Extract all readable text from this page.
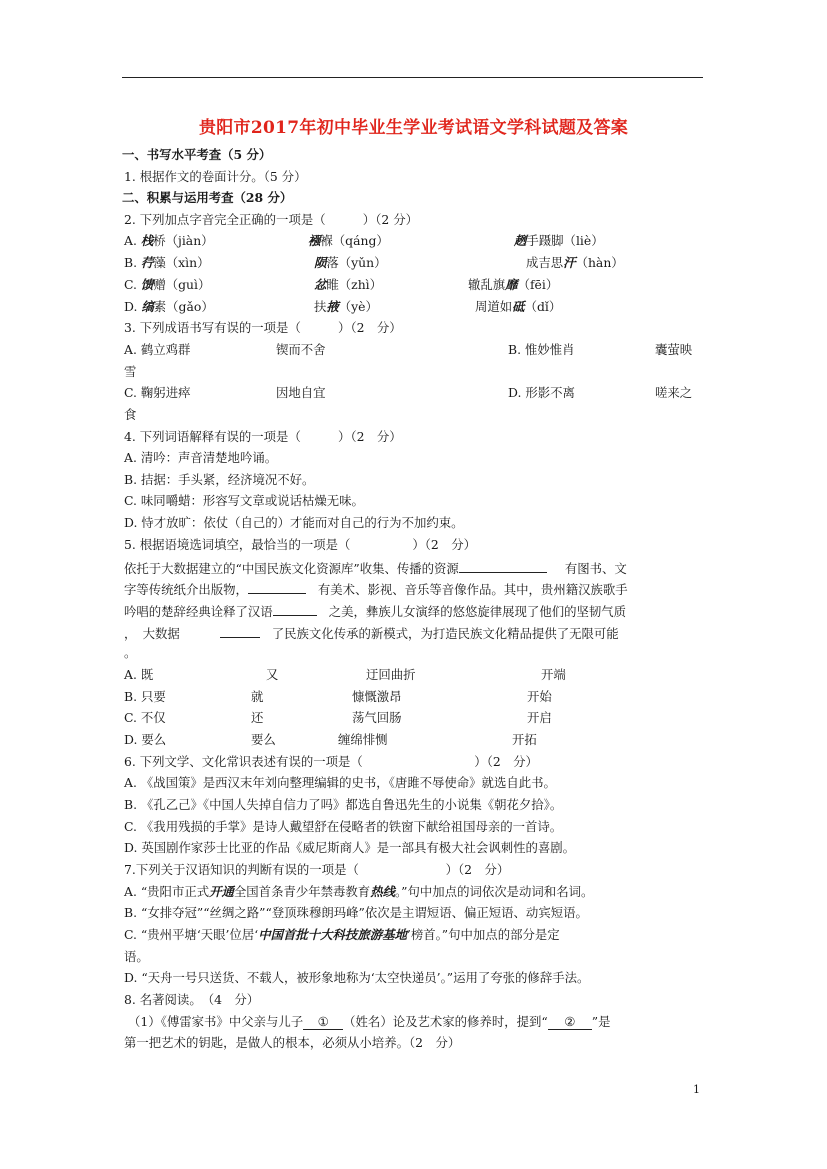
贵阳市2017年初中毕业生学业考试语文学科试题及答案
一、书写水平考查（5 分）
1. 根据作文的卷面计分。（5 分）
二、积累与运用考查（28 分）
2. 下列加点字音完全正确的一项是（　　　）（2 分）
A. 栈桥（jiàn）	襁褓（qáng）	趔手蹑脚（liè）
B. 荇藻（xìn）	陨落（yǔn）	成吉思汗（hàn）
C. 馈赠（guì）	忿睢（zhì）	辙乱旗靡（fēi）
D. 缟素（gǎo）	扶掖（yè）	周道如砥（dǐ）
3. 下列成语书写有误的一项是（　　　）（2　分）
A. 鹤立鸡群	锲而不舍	B. 惟妙惟肖	囊萤映
雪
C. 鞠躬进瘁	因地自宜	D. 形影不离	嗟来之
食
4. 下列词语解释有误的一项是（　　　）（2　分）
A. 清吟：声音清楚地吟诵。
B. 拮据：手头紧，经济境况不好。
C. 味同嚼蜡：形容写文章或说话枯燥无味。
D. 恃才放旷：依仗（自己的）才能而对自己的行为不加约束。
5. 根据语境选词填空，最恰当的一项是（　　　　　）（2　分）
依托于大数据建立的“中国民族文化资源库”收集、传播的资源	有图书、文
字等传统纸介出版物，	有美术、影视、音乐等音像作品。其中，贵州籍汉族歌手
吟唱的楚辞经典诠释了汉语	之美，彝族儿女演绎的悠悠旋律展现了他们的坚韧气质
，　大数据	了民族文化传承的新模式，为打造民族文化精品提供了无限可能
。
A. 既	又	迂回曲折	开端
B. 只要	就	慷慨激昂	开始
C. 不仅	还	荡气回肠	开启
D. 要么	要么	缠绵悱恻	开拓
6. 下列文学、文化常识表述有误的一项是（　　　　　　　　　）（2　分）
A. 《战国策》是西汉末年刘向整理编辑的史书，《唐雎不辱使命》就选自此书。
B. 《孔乙己》《中国人失掉自信力了吗》都选自鲁迅先生的小说集《朝花夕拾》。
C. 《我用残损的手掌》是诗人戴望舒在侵略者的铁窗下献给祖国母亲的一首诗。
D. 英国剧作家莎士比亚的作品《威尼斯商人》是一部具有极大社会讽刺性的喜剧。
7.下列关于汉语知识的判断有误的一项是（　　　　　　　）（2　分）
A. “贵阳市正式开通全国首条青少年禁毒教育热线。”句中加点的词依次是动词和名词。
B. “女排夺冠”“丝绸之路”“登顶珠穆朗玛峰”依次是主谓短语、偏正短语、动宾短语。
C. “贵州平塘‘天眼’位居‘中国首批十大科技旅游基地’榜首。”句中加点的部分是定
语。
D. “天舟一号只送货、不载人，被形象地称为‘太空快递员’。”运用了夸张的修辞手法。
8. 名著阅读。　（4　分）
（1）《傅雷家书》中父亲与儿子 ① （姓名）论及艺术家的修养时，提到“ ② ”是
第一把艺术的钥匙，是做人的根本，必须从小培养。（2　分）
1
